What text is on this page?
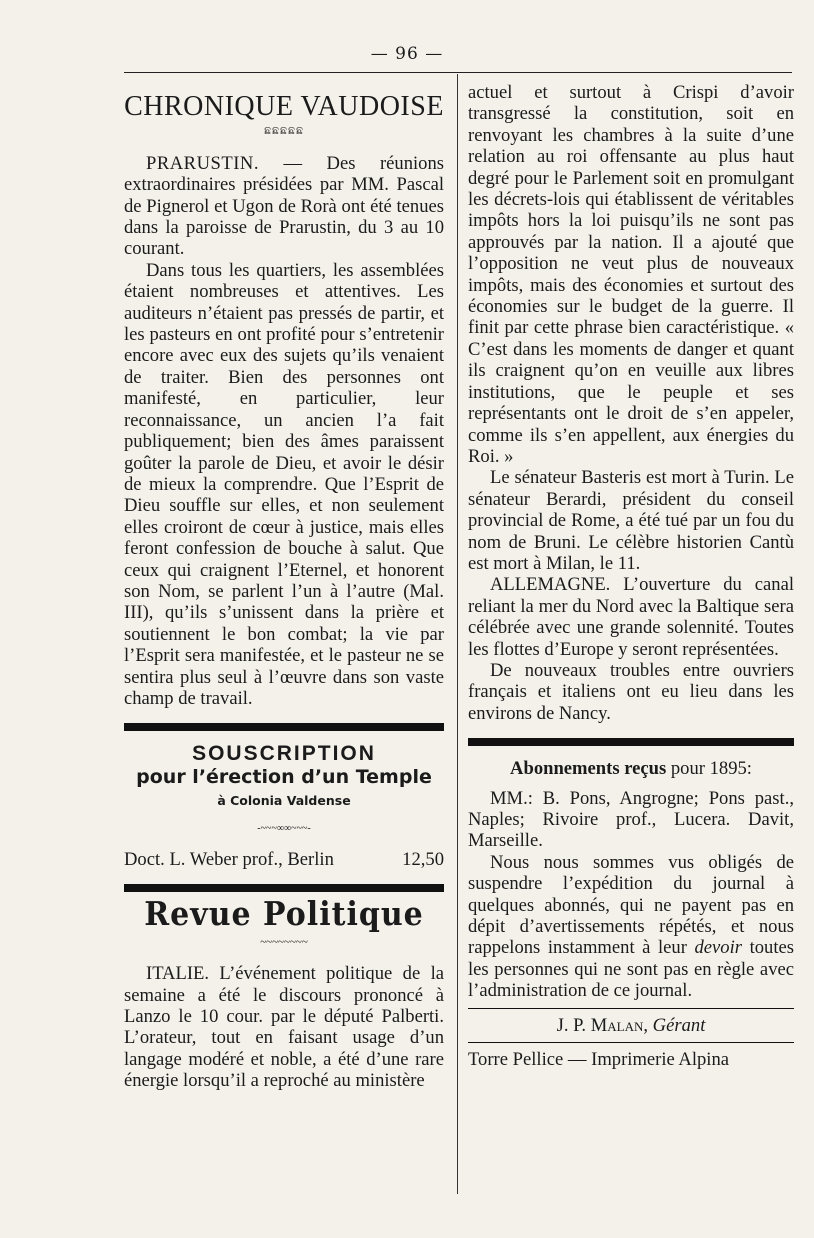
— 96 —
CHRONIQUE VAUDOISE
ଛଛଛଛଛ

PRARUSTIN. — Des réunions extraordinaires présidées par MM. Pascal de Pignerol et Ugon de Rorà ont été tenues dans la paroisse de Prarustin, du 3 au 10 courant.

Dans tous les quartiers, les assemblées étaient nombreuses et attentives. Les auditeurs n’étaient pas pressés de partir, et les pasteurs en ont profité pour s’entretenir encore avec eux des sujets qu’ils venaient de traiter. Bien des personnes ont manifesté, en particulier, leur reconnaissance, un ancien l’a fait publiquement; bien des âmes paraissent goûter la parole de Dieu, et avoir le désir de mieux la comprendre. Que l’Esprit de Dieu souffle sur elles, et non seulement elles croiront de cœur à justice, mais elles feront confession de bouche à salut. Que ceux qui craignent l’Eternel, et honorent son Nom, se parlent l’un à l’autre (Mal. III), qu’ils s’unissent dans la prière et soutiennent le bon combat; la vie par l’Esprit sera manifestée, et le pasteur ne se sentira plus seul à l’œuvre dans son vaste champ de travail.

SOUSCRIPTION
pour l’érection d’un Temple
à Colonia Valdense
-~~~∞∞~~~-
Doct. L. Weber prof., Berlin	12,50
Revue Politique
~~~~~~~~

ITALIE. L’événement politique de la semaine a été le discours prononcé à Lanzo le 10 cour. par le député Palberti. L’orateur, tout en faisant usage d’un langage modéré et noble, a été d’une rare énergie lorsqu’il a reproché au ministère

actuel et surtout à Crispi d’avoir transgressé la constitution, soit en renvoyant les chambres à la suite d’une relation au roi offensante au plus haut degré pour le Parlement soit en promulgant les décrets-lois qui établissent de véritables impôts hors la loi puisqu’ils ne sont pas approuvés par la nation. Il a ajouté que l’opposition ne veut plus de nouveaux impôts, mais des économies et surtout des économies sur le budget de la guerre. Il finit par cette phrase bien caractéristique. « C’est dans les moments de danger et quant ils craignent qu’on en veuille aux libres institutions, que le peuple et ses représentants ont le droit de s’en appeler, comme ils s’en appellent, aux énergies du Roi. »

Le sénateur Basteris est mort à Turin. Le sénateur Berardi, président du conseil provincial de Rome, a été tué par un fou du nom de Bruni. Le célèbre historien Cantù est mort à Milan, le 11.

ALLEMAGNE. L’ouverture du canal reliant la mer du Nord avec la Baltique sera célébrée avec une grande solennité. Toutes les flottes d’Europe y seront représentées.

De nouveaux troubles entre ouvriers français et italiens ont eu lieu dans les environs de Nancy.

Abonnements reçus pour 1895:

MM.: B. Pons, Angrogne; Pons past., Naples; Rivoire prof., Lucera. Davit, Marseille.

Nous nous sommes vus obligés de suspendre l’expédition du journal à quelques abonnés, qui ne payent pas en dépit d’avertissements répétés, et nous rappelons instamment à leur devoir toutes les personnes qui ne sont pas en règle avec l’administration de ce journal.

J. P. Malan, Gérant
Torre Pellice — Imprimerie Alpina
